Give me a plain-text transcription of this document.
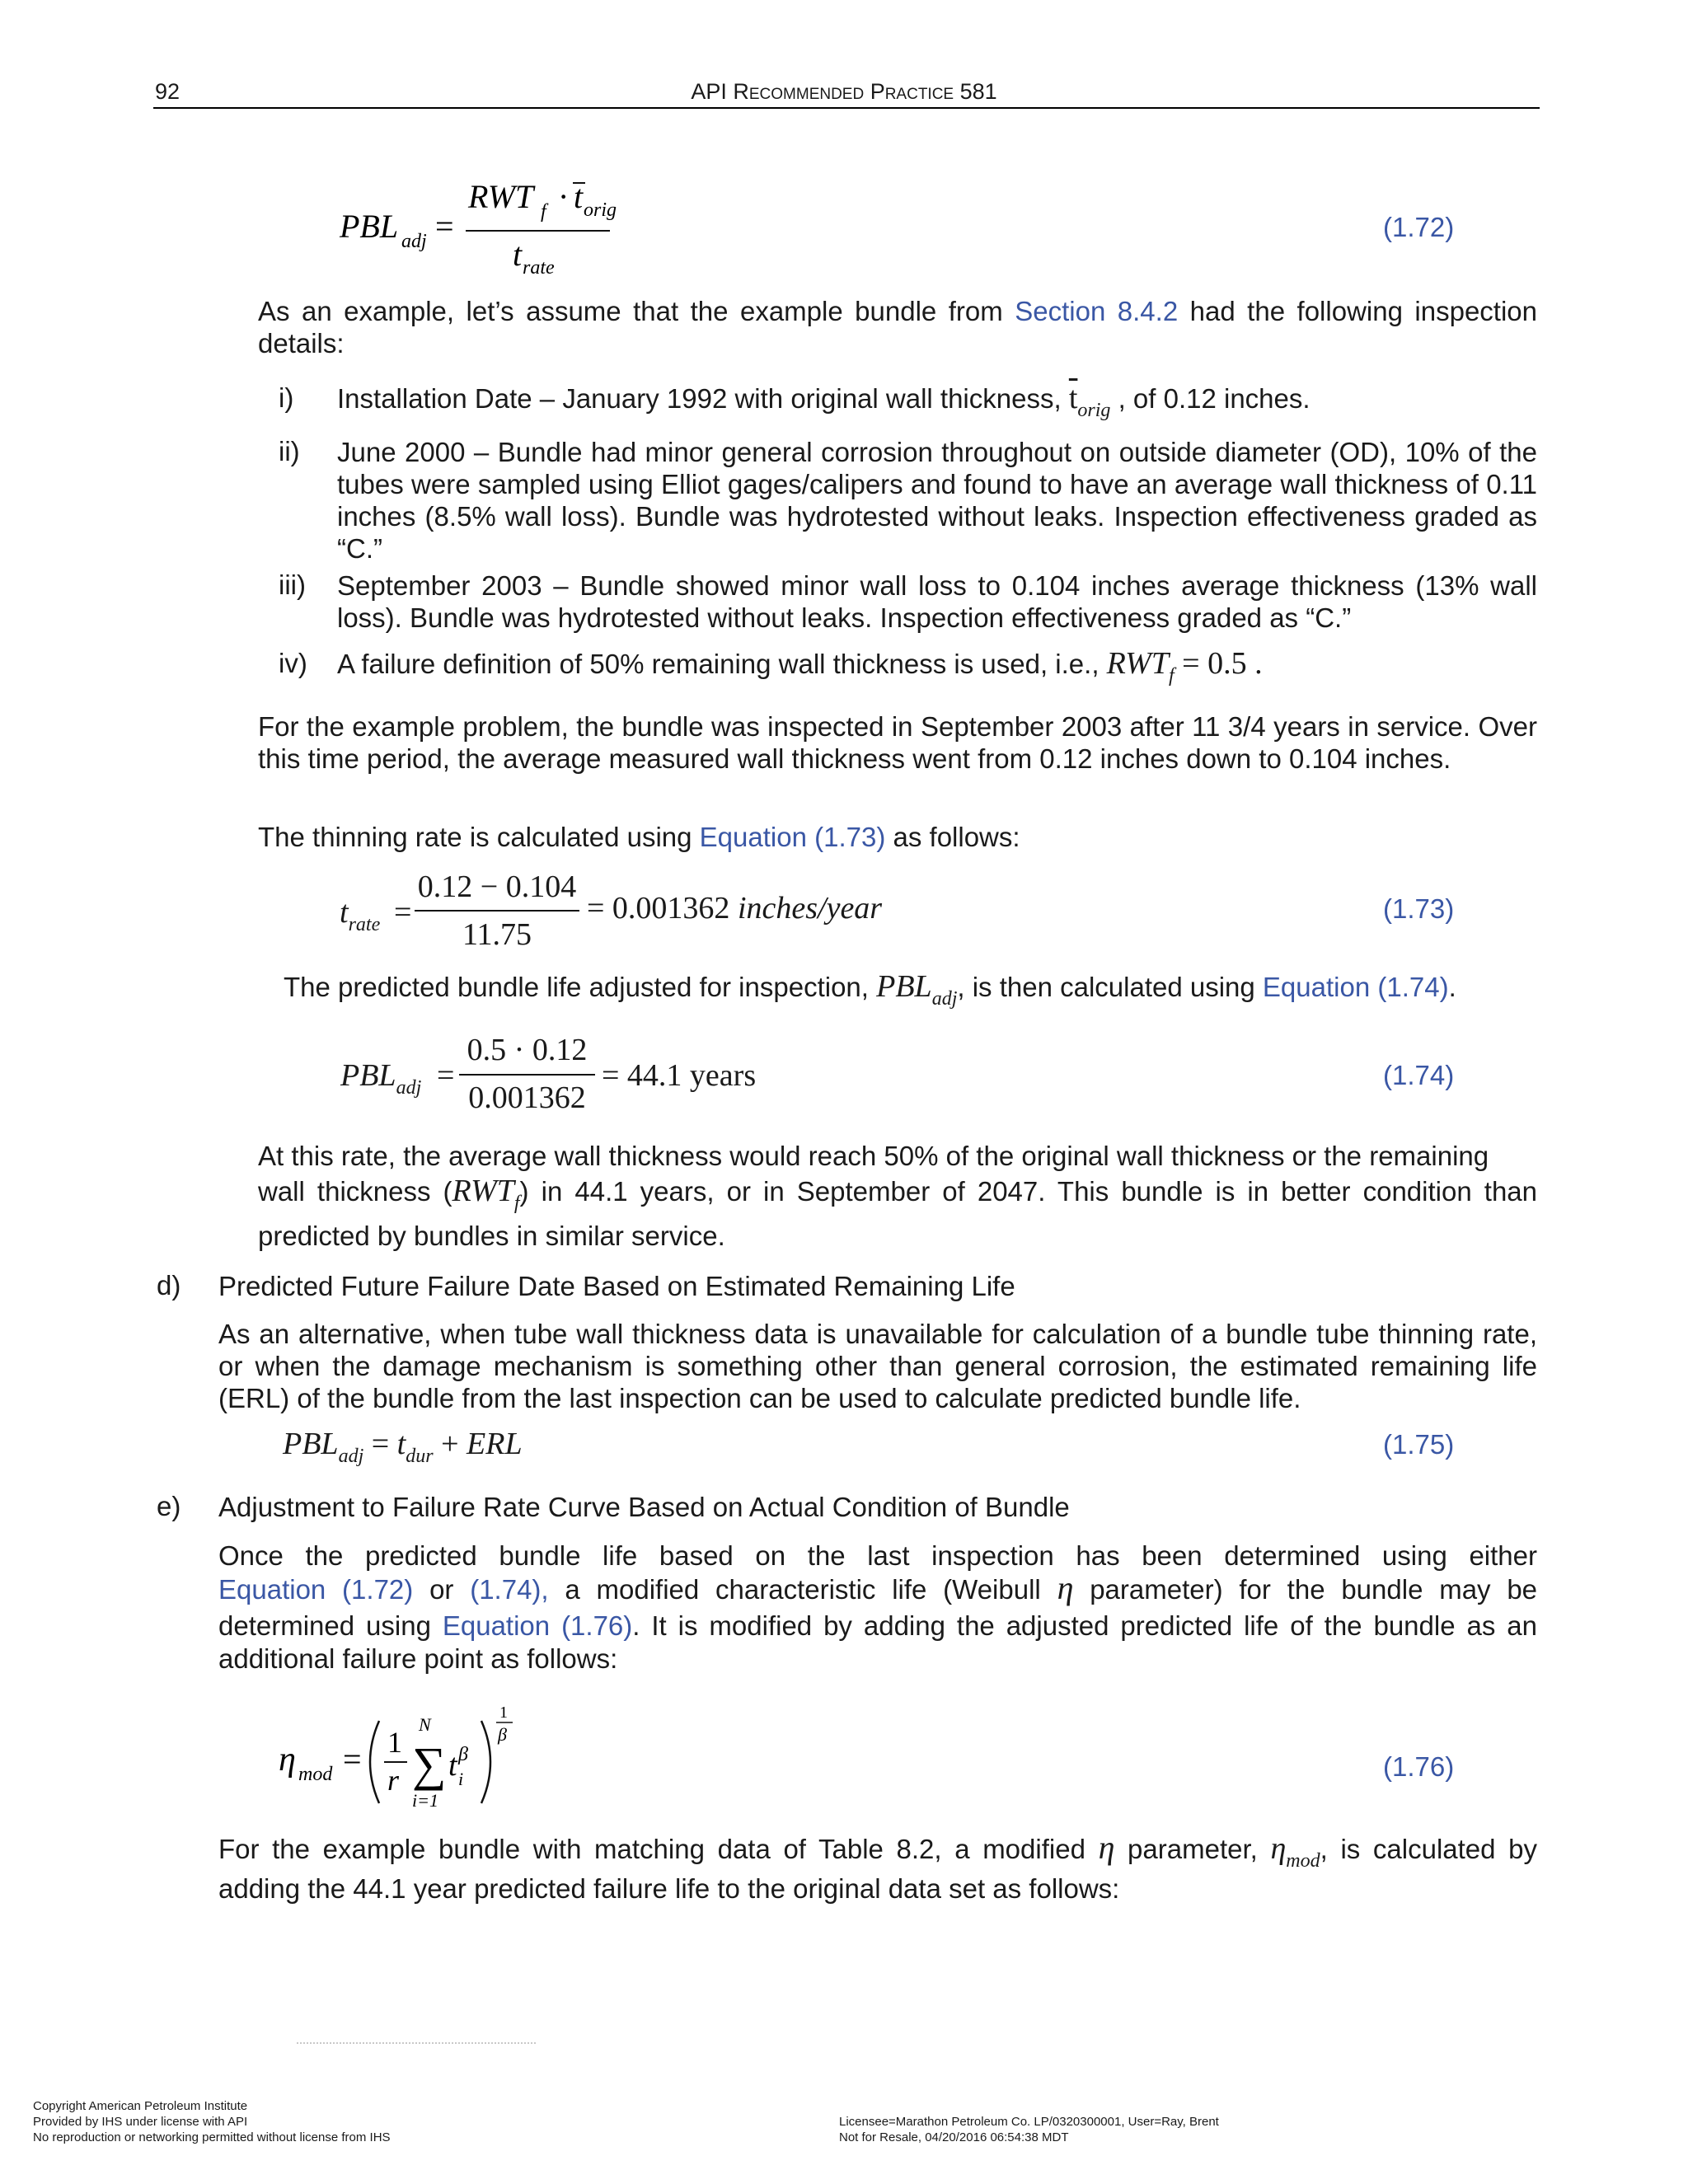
92	API Recommended Practice 581
PBL adj =
RWT f · t orig
t rate
(1.72)
As an example, let’s assume that the example bundle from Section 8.4.2 had the following inspection details:
i) Installation Date – January 1992 with original wall thickness, $\overline{t}_{orig}$ , of 0.12 inches.
ii) June 2000 – Bundle had minor general corrosion throughout on outside diameter (OD), 10% of the tubes were sampled using Elliot gages/calipers and found to have an average wall thickness of 0.11 inches (8.5% wall loss). Bundle was hydrotested without leaks. Inspection effectiveness graded as “C.”
iii) September 2003 – Bundle showed minor wall loss to 0.104 inches average thickness (13% wall loss). Bundle was hydrotested without leaks. Inspection effectiveness graded as “C.”
iv) A failure definition of 50% remaining wall thickness is used, i.e., $RWT_f = 0.5$ .
For the example problem, the bundle was inspected in September 2003 after 11 3/4 years in service. Over this time period, the average measured wall thickness went from 0.12 inches down to 0.104 inches.
The thinning rate is calculated using Equation (1.73) as follows:
$t_{rate}$ =
0.12 − 0.104
11.75
= 0.001362 inches/year	(1.73)
The predicted bundle life adjusted for inspection, $PBL_{adj}$, is then calculated using Equation (1.74).
$PBL_{adj}$ =
0.5 · 0.12
0.001362
= 44.1 years	(1.74)
At this rate, the average wall thickness would reach 50% of the original wall thickness or the remaining
wall thickness $(RWT_f)$ in 44.1 years, or in September of 2047. This bundle is in better condition than
predicted by bundles in similar service.
d) Predicted Future Failure Date Based on Estimated Remaining Life
As an alternative, when tube wall thickness data is unavailable for calculation of a bundle tube thinning rate, or when the damage mechanism is something other than general corrosion, the estimated remaining life (ERL) of the bundle from the last inspection can be used to calculate predicted bundle life.
$PBL_{adj} = t_{dur}$ + ERL	(1.75)
e) Adjustment to Failure Rate Curve Based on Actual Condition of Bundle
Once the predicted bundle life based on the last inspection has been determined using either
Equation (1.72) or (1.74), a modified characteristic life (Weibull η parameter) for the bundle may be
determined using Equation (1.76). It is modified by adding the adjusted predicted life of the bundle as an
additional failure point as follows:
η mod = 1
r
N
∑
i=1
t β
i
1
β
(1.76)
For the example bundle with matching data of Table 8.2, a modified η parameter, $\eta_{mod}$, is calculated by
adding the 44.1 year predicted failure life to the original data set as follows:
Copyright American Petroleum Institute
Provided by IHS under license with API
No reproduction or networking permitted without license from IHS
Licensee=Marathon Petroleum Co. LP/0320300001, User=Ray, Brent
Not for Resale, 04/20/2016 06:54:38 MDT
